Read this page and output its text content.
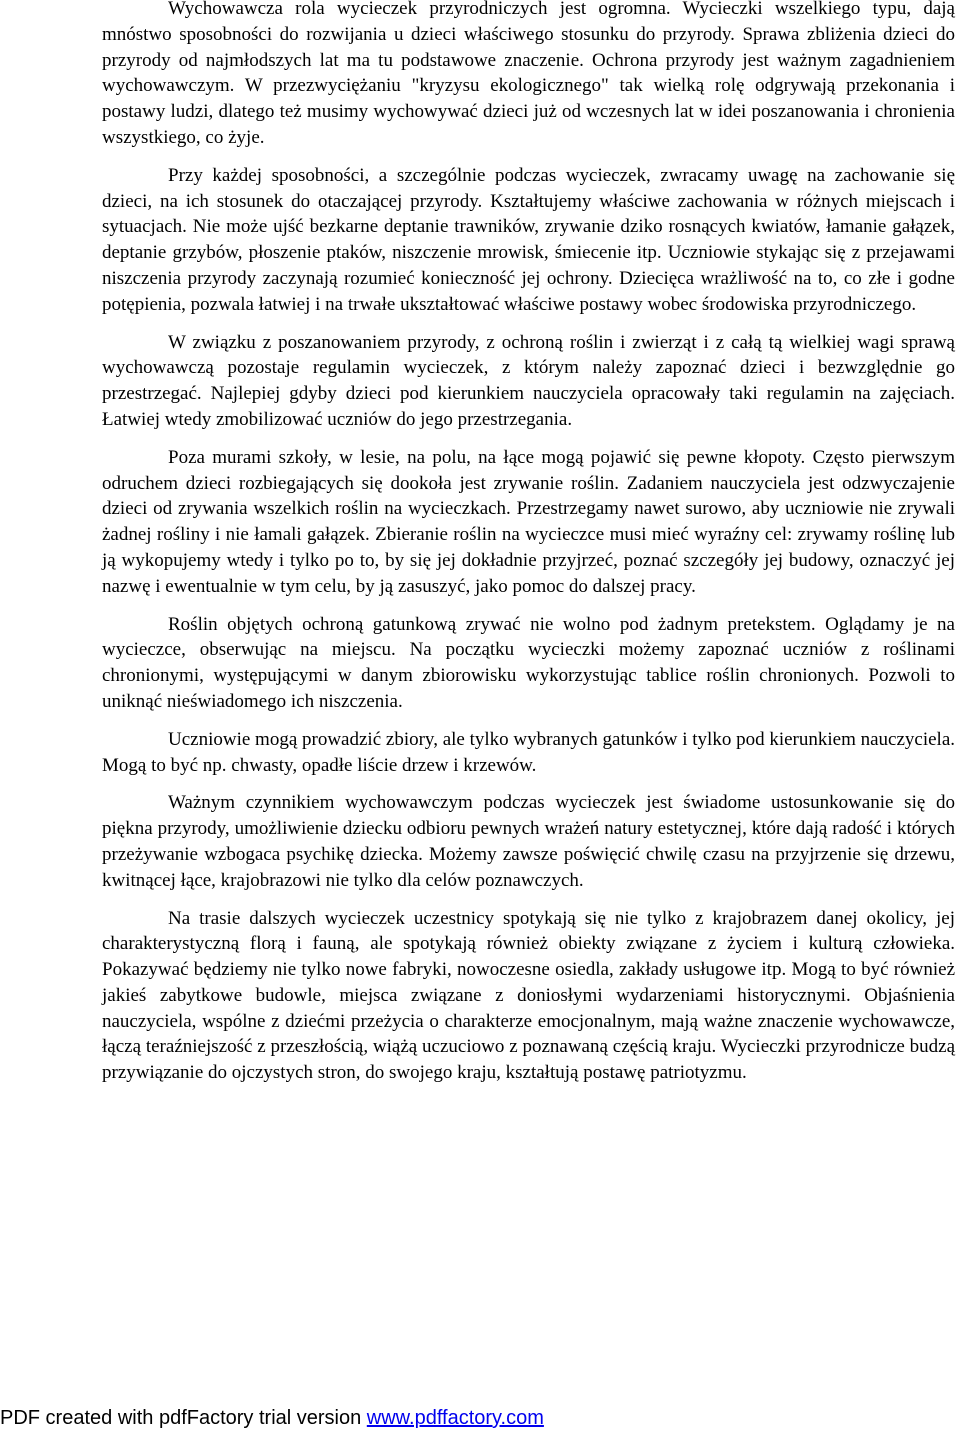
Wychowawcza rola wycieczek przyrodniczych jest ogromna. Wycieczki wszelkiego typu, dają mnóstwo sposobności do rozwijania u dzieci właściwego stosunku do przyrody. Sprawa zbliżenia dzieci do przyrody od najmłodszych lat ma tu podstawowe znaczenie. Ochrona przyrody jest ważnym zagadnieniem wychowawczym. W przezwyciężaniu "kryzysu ekologicznego" tak wielką rolę odgrywają przekonania i postawy ludzi, dlatego też musimy wychowywać dzieci już od wczesnych lat w idei poszanowania i chronienia wszystkiego, co żyje.

Przy każdej sposobności, a szczególnie podczas wycieczek, zwracamy uwagę na zachowanie się dzieci, na ich stosunek do otaczającej przyrody. Kształtujemy właściwe zachowania w różnych miejscach i sytuacjach. Nie może ujść bezkarne deptanie trawników, zrywanie dziko rosnących kwiatów, łamanie gałązek, deptanie grzybów, płoszenie ptaków, niszczenie mrowisk, śmiecenie itp. Uczniowie stykając się z przejawami niszczenia przyrody zaczynają rozumieć konieczność jej ochrony. Dziecięca wrażliwość na to, co złe i godne potępienia, pozwala łatwiej i na trwałe ukształtować właściwe postawy wobec środowiska przyrodniczego.

W związku z poszanowaniem przyrody, z ochroną roślin i zwierząt i z całą tą wielkiej wagi sprawą wychowawczą pozostaje regulamin wycieczek, z którym należy zapoznać dzieci i bezwzględnie go przestrzegać. Najlepiej gdyby dzieci pod kierunkiem nauczyciela opracowały taki regulamin na zajęciach. Łatwiej wtedy zmobilizować uczniów do jego przestrzegania.

Poza murami szkoły, w lesie, na polu, na łące mogą pojawić się pewne kłopoty. Często pierwszym odruchem dzieci rozbiegających się dookoła jest zrywanie roślin. Zadaniem nauczyciela jest odzwyczajenie dzieci od zrywania wszelkich roślin na wycieczkach. Przestrzegamy nawet surowo, aby uczniowie nie zrywali żadnej rośliny i nie łamali gałązek. Zbieranie roślin na wycieczce musi mieć wyraźny cel: zrywamy roślinę lub ją wykopujemy wtedy i tylko po to, by się jej dokładnie przyjrzeć, poznać szczegóły jej budowy, oznaczyć jej nazwę i ewentualnie w tym celu, by ją zasuszyć, jako pomoc do dalszej pracy.

Roślin objętych ochroną gatunkową zrywać nie wolno pod żadnym pretekstem. Oglądamy je na wycieczce, obserwując na miejscu. Na początku wycieczki możemy zapoznać uczniów z roślinami chronionymi, występującymi w danym zbiorowisku wykorzystując tablice roślin chronionych. Pozwoli to uniknąć nieświadomego ich niszczenia.

Uczniowie mogą prowadzić zbiory, ale tylko wybranych gatunków i tylko pod kierunkiem nauczyciela. Mogą to być np. chwasty, opadłe liście drzew i krzewów.

Ważnym czynnikiem wychowawczym podczas wycieczek jest świadome ustosunkowanie się do piękna przyrody, umożliwienie dziecku odbioru pewnych wrażeń natury estetycznej, które dają radość i których przeżywanie wzbogaca psychikę dziecka. Możemy zawsze poświęcić chwilę czasu na przyjrzenie się drzewu, kwitnącej łące, krajobrazowi nie tylko dla celów poznawczych.

Na trasie dalszych wycieczek uczestnicy spotykają się nie tylko z krajobrazem danej okolicy, jej charakterystyczną florą i fauną, ale spotykają również obiekty związane z życiem i kulturą człowieka. Pokazywać będziemy nie tylko nowe fabryki, nowoczesne osiedla, zakłady usługowe itp. Mogą to być również jakieś zabytkowe budowle, miejsca związane z doniosłymi wydarzeniami historycznymi. Objaśnienia nauczyciela, wspólne z dziećmi przeżycia o charakterze emocjonalnym, mają ważne znaczenie wychowawcze, łączą teraźniejszość z przeszłością, wiążą uczuciowo z poznawaną częścią kraju. Wycieczki przyrodnicze budzą przywiązanie do ojczystych stron, do swojego kraju, kształtują postawę patriotyzmu.

PDF created with pdfFactory trial version www.pdffactory.com
